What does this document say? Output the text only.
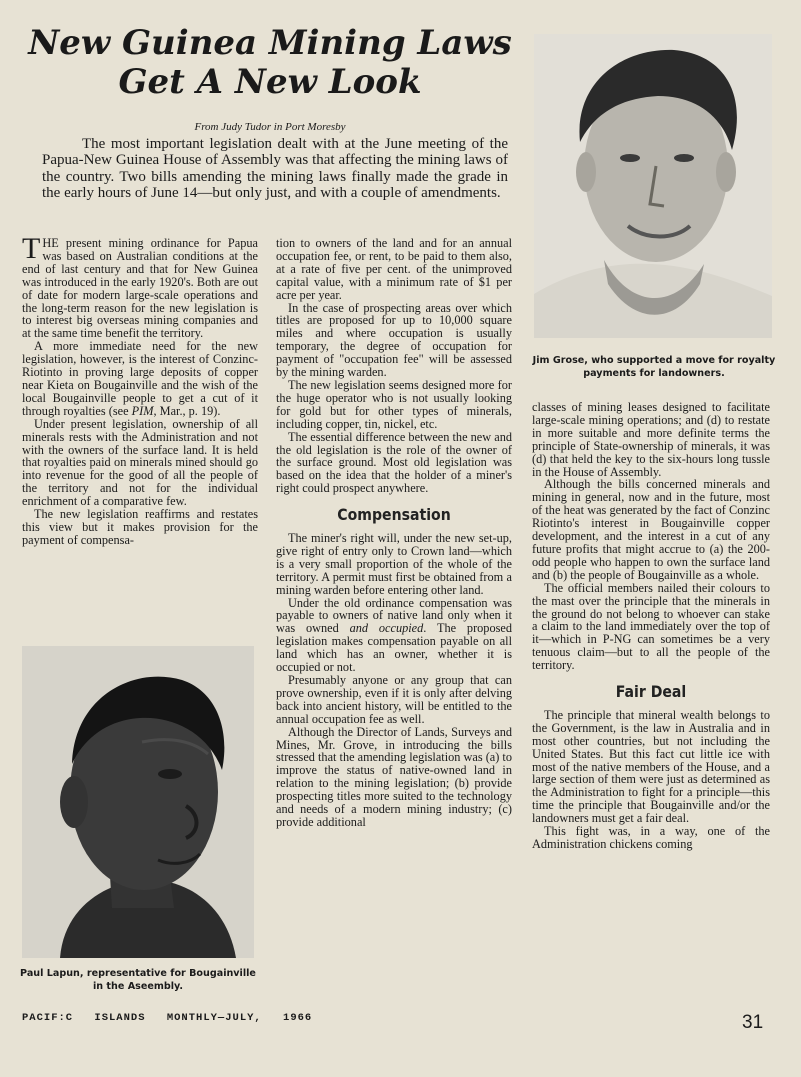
New Guinea Mining Laws
Get A New Look
From Judy Tudor in Port Moresby

The most important legislation dealt with at the June meeting of the Papua-New Guinea House of Assembly was that affecting the mining laws of the country. Two bills amending the mining laws finally made the grade in the early hours of June 14—but only just, and with a couple of amendments.

THE present mining ordinance for Papua was based on Australian conditions at the end of last century and that for New Guinea was introduced in the early 1920's. Both are out of date for modern large-scale operations and the long-term reason for the new legislation is to interest big overseas mining companies and at the same time benefit the territory.

A more immediate need for the new legislation, however, is the interest of Conzinc-Riotinto in proving large deposits of copper near Kieta on Bougainville and the wish of the local Bougainville people to get a cut of it through royalties (see PIM, Mar., p. 19).

Under present legislation, ownership of all minerals rests with the Administration and not with the owners of the surface land. It is held that royalties paid on minerals mined should go into revenue for the good of all the people of the territory and not for the individual enrichment of a comparative few.

The new legislation reaffirms and restates this view but it makes provision for the payment of compensa-

Paul Lapun, representative for Bougainville in the Aseembly.

tion to owners of the land and for an annual occupation fee, or rent, to be paid to them also, at a rate of five per cent. of the unimproved capital value, with a minimum rate of $1 per acre per year.

In the case of prospecting areas over which titles are proposed for up to 10,000 square miles and where occupation is usually temporary, the degree of occupation for payment of "occupation fee" will be assessed by the mining warden.

The new legislation seems designed more for the huge operator who is not usually looking for gold but for other types of minerals, including copper, tin, nickel, etc.

The essential difference between the new and the old legislation is the role of the owner of the surface ground. Most old legislation was based on the idea that the holder of a miner's right could prospect anywhere.

Compensation

The miner's right will, under the new set-up, give right of entry only to Crown land—which is a very small proportion of the whole of the territory. A permit must first be obtained from a mining warden before entering other land.

Under the old ordinance compensation was payable to owners of native land only when it was owned and occupied. The proposed legislation makes compensation payable on all land which has an owner, whether it is occupied or not.

Presumably anyone or any group that can prove ownership, even if it is only after delving back into ancient history, will be entitled to the annual occupation fee as well.

Although the Director of Lands, Surveys and Mines, Mr. Grove, in introducing the bills stressed that the amending legislation was (a) to improve the status of native-owned land in relation to the mining legislation; (b) provide prospecting titles more suited to the technology and needs of a modern mining industry; (c) provide additional

Jim Grose, who supported a move for royalty payments for landowners.

classes of mining leases designed to facilitate large-scale mining operations; and (d) to restate in more suitable and more definite terms the principle of State-ownership of minerals, it was (d) that held the key to the six-hours long tussle in the House of Assembly.

Although the bills concerned minerals and mining in general, now and in the future, most of the heat was generated by the fact of Conzinc Riotinto's interest in Bougainville copper development, and the interest in a cut of any future profits that might accrue to (a) the 200-odd people who happen to own the surface land and (b) the people of Bougainville as a whole.

The official members nailed their colours to the mast over the principle that the minerals in the ground do not belong to whoever can stake a claim to the land immediately over the top of it—which in P-NG can sometimes be a very tenuous claim—but to all the people of the territory.

Fair Deal

The principle that mineral wealth belongs to the Government, is the law in Australia and in most other countries, but not including the United States. But this fact cut little ice with most of the native members of the House, and a large section of them were just as determined as the Administration to fight for a principle—this time the principle that Bougainville and/or the landowners must get a fair deal.

This fight was, in a way, one of the Administration chickens coming

PACIF:C ISLANDS MONTHLY—JULY, 1966	31
